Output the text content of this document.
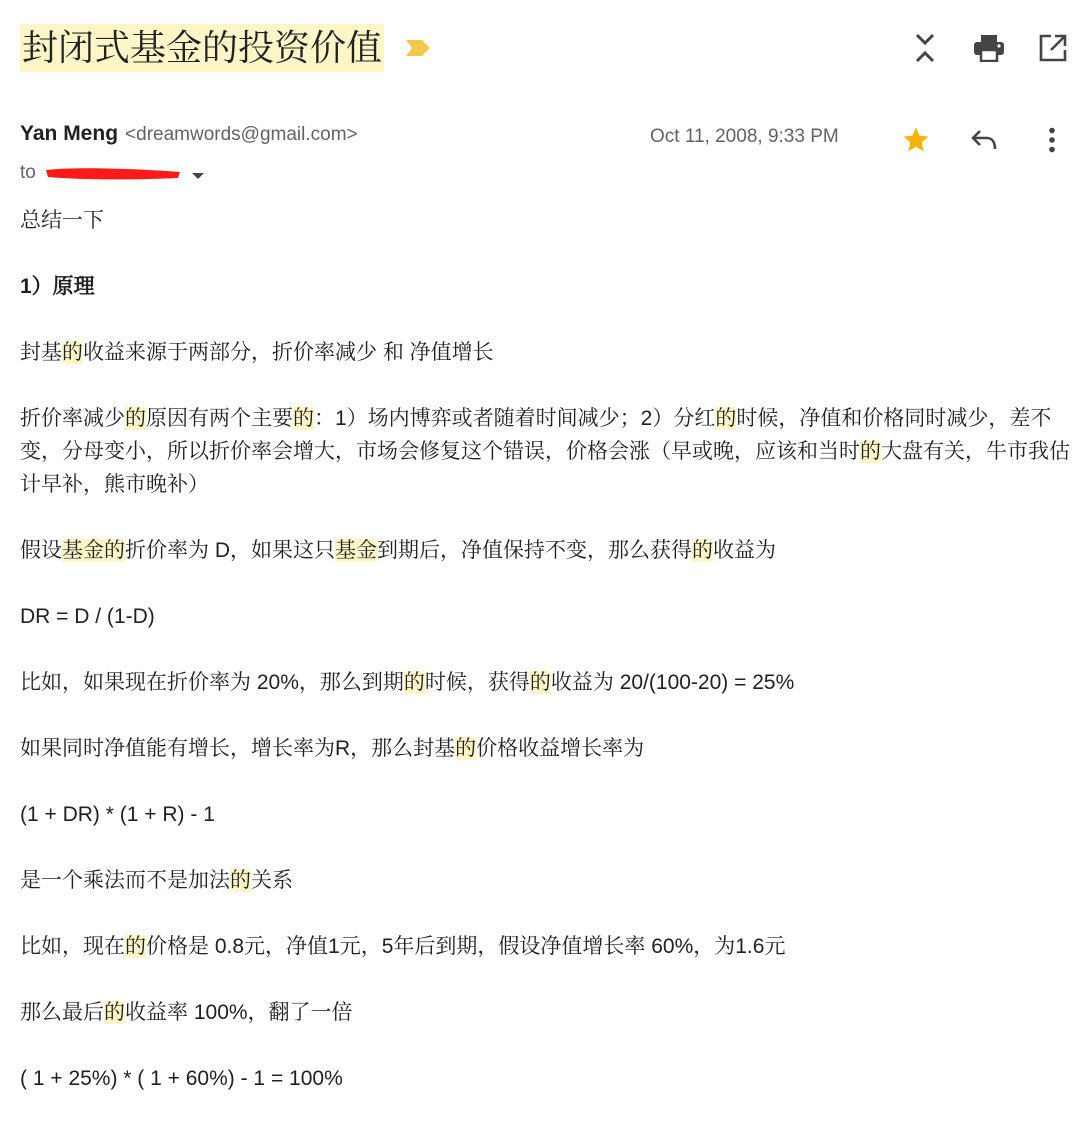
封闭式基金的投资价值
Yan Meng <dreamwords@gmail.com>	Oct 11, 2008, 9:33 PM
to

总结一下

1）原理

封基的收益来源于两部分，折价率减少 和 净值增长

折价率减少的原因有两个主要的：1）场内博弈或者随着时间减少；2）分红的时候，净值和价格同时减少，差不变，分母变小，所以折价率会增大，市场会修复这个错误，价格会涨（早或晚，应该和当时的大盘有关，牛市我估计早补，熊市晚补）

假设基金的折价率为 D，如果这只基金到期后，净值保持不变，那么获得的收益为

DR = D / (1-D)

比如，如果现在折价率为 20%，那么到期的时候，获得的收益为 20/(100-20) = 25%

如果同时净值能有增长，增长率为R，那么封基的价格收益增长率为

(1 + DR) * (1 + R) - 1

是一个乘法而不是加法的关系

比如，现在的价格是 0.8元，净值1元，5年后到期，假设净值增长率 60%，为1.6元

那么最后的收益率 100%，翻了一倍

( 1 + 25%) * ( 1 + 60%) - 1 = 100%
